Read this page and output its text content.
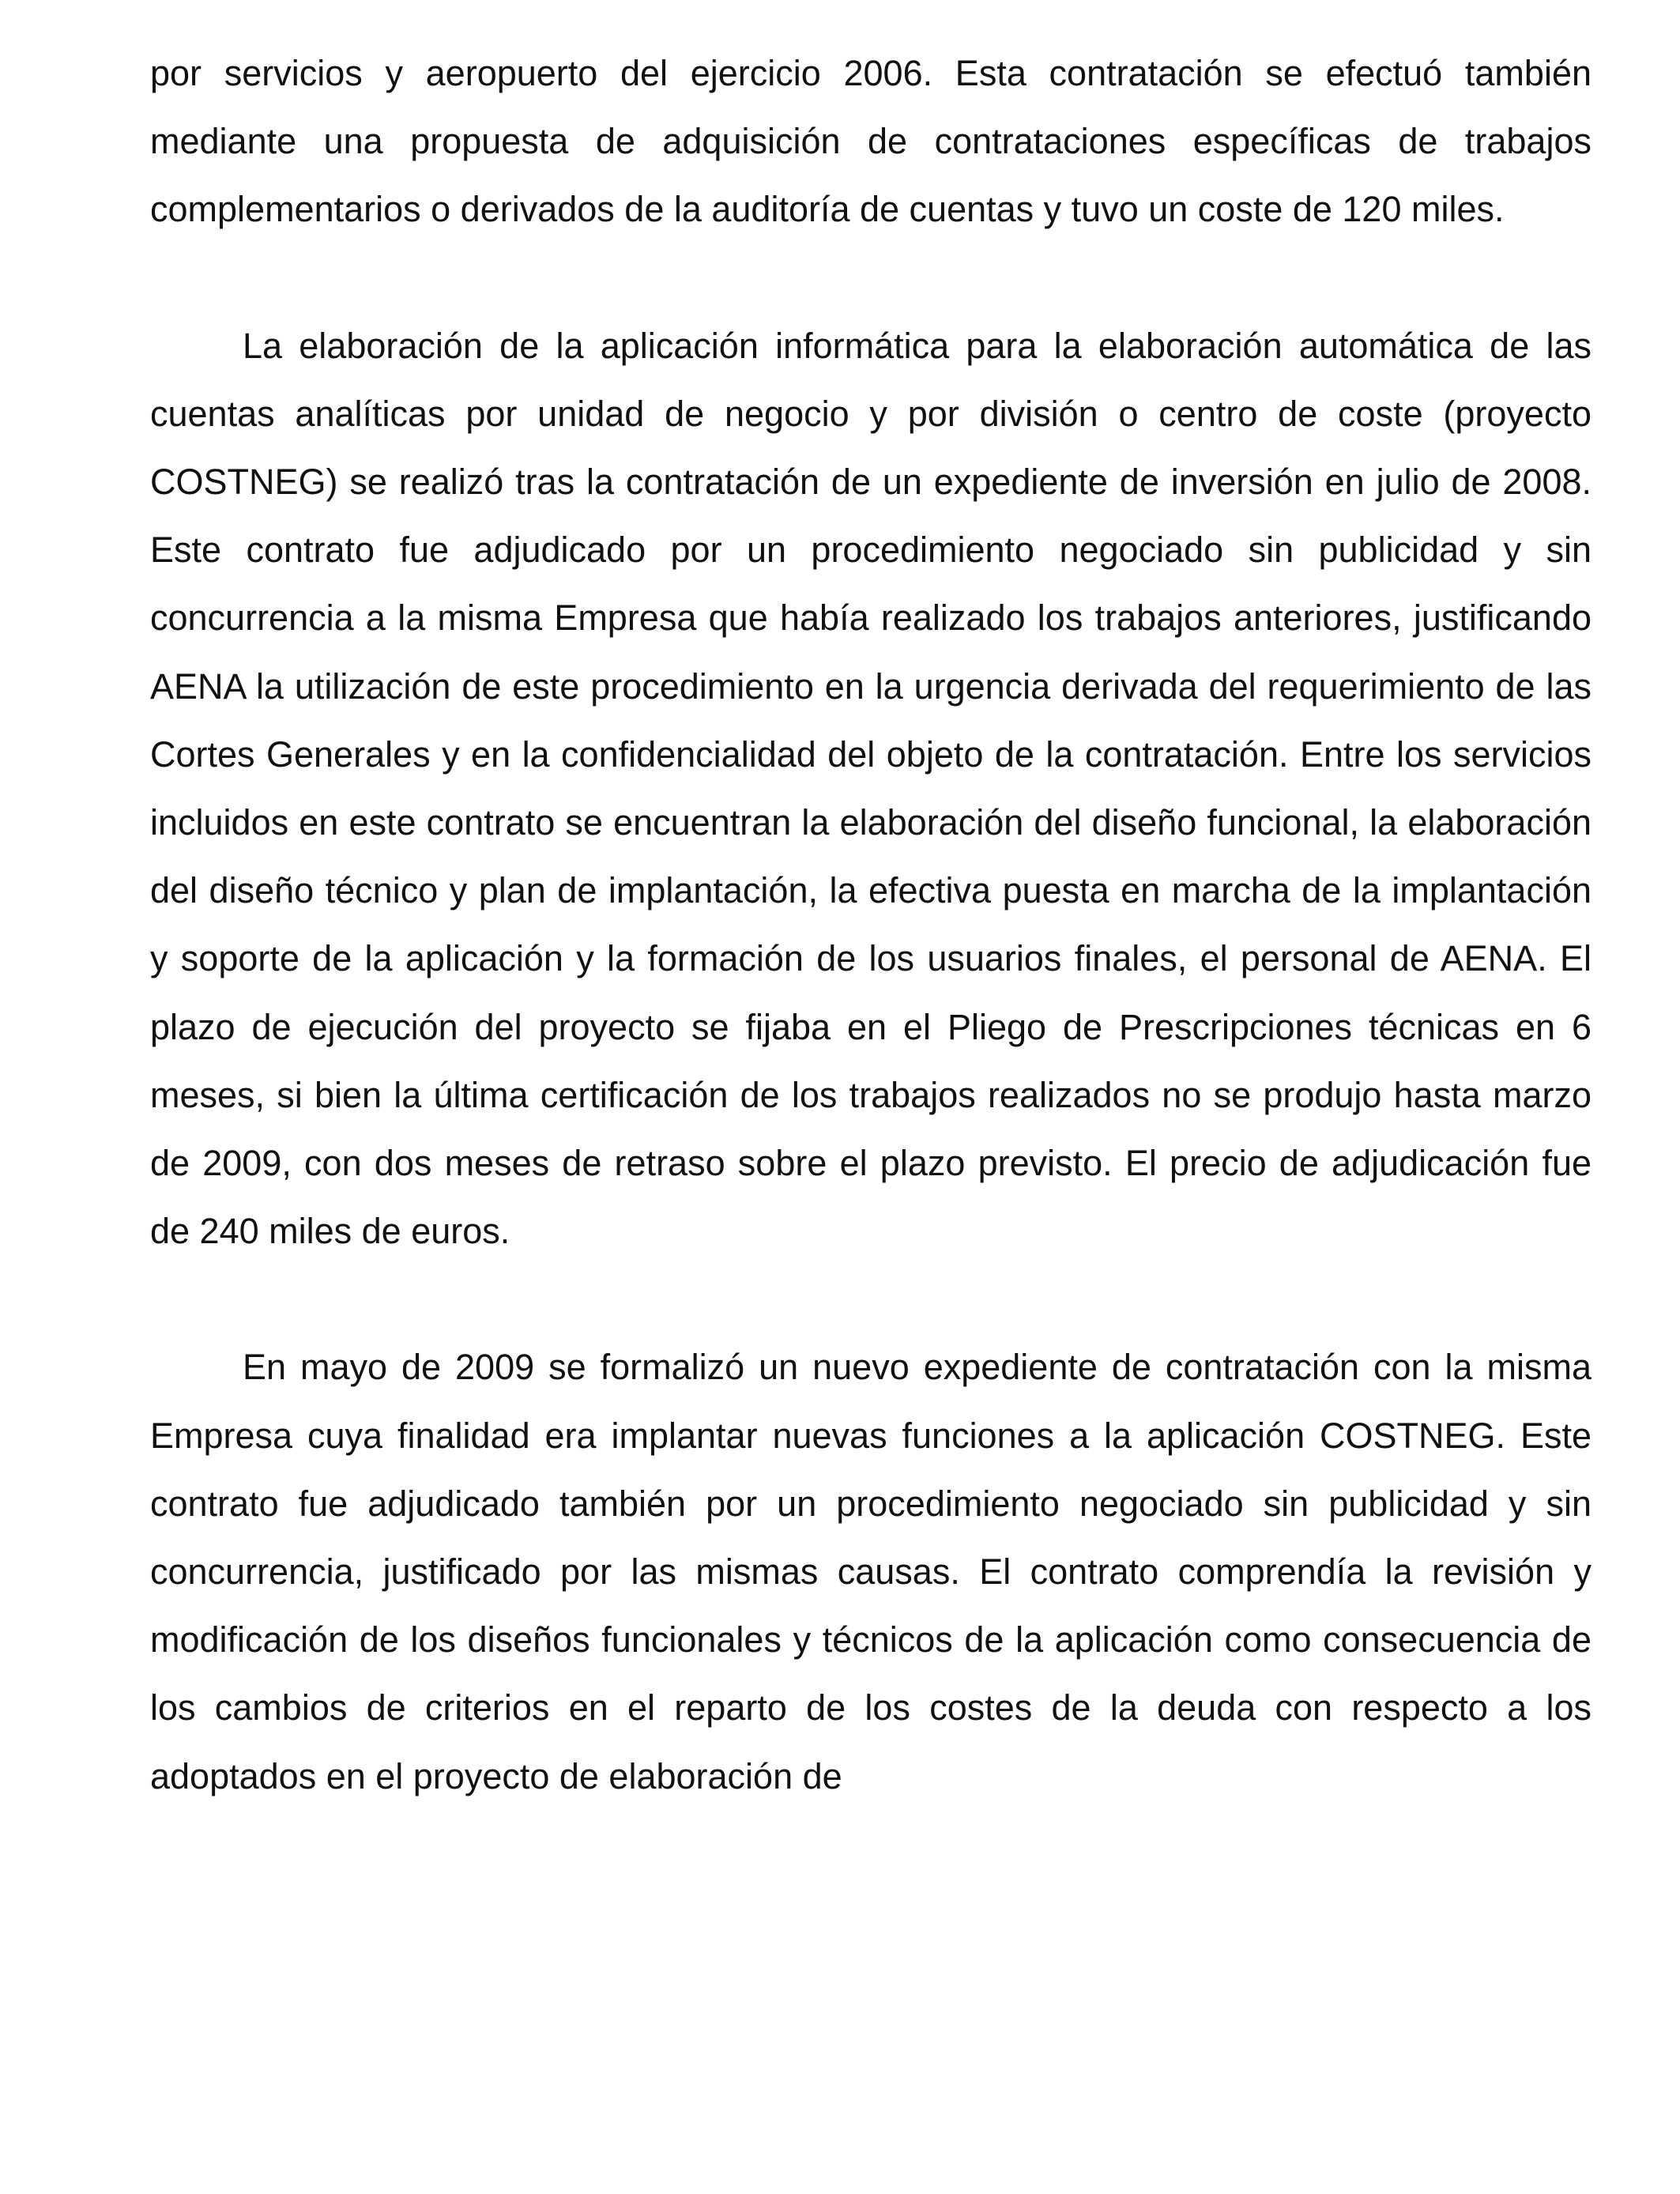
por servicios y aeropuerto del ejercicio 2006. Esta contratación se efectuó también mediante una propuesta de adquisición de contrataciones específicas de trabajos complementarios o derivados de la auditoría de cuentas y tuvo un coste de 120 miles.

La elaboración de la aplicación informática para la elaboración automática de las cuentas analíticas por unidad de negocio y por división o centro de coste (proyecto COSTNEG) se realizó tras la contratación de un expediente de inversión en julio de 2008. Este contrato fue adjudicado por un procedimiento negociado sin publicidad y sin concurrencia a la misma Empresa que había realizado los trabajos anteriores, justificando AENA la utilización de este procedimiento en la urgencia derivada del requerimiento de las Cortes Generales y en la confidencialidad del objeto de la contratación. Entre los servicios incluidos en este contrato se encuentran la elaboración del diseño funcional, la elaboración del diseño técnico y plan de implantación, la efectiva puesta en marcha de la implantación y soporte de la aplicación y la formación de los usuarios finales, el personal de AENA. El plazo de ejecución del proyecto se fijaba en el Pliego de Prescripciones técnicas en 6 meses, si bien la última certificación de los trabajos realizados no se produjo hasta marzo de 2009, con dos meses de retraso sobre el plazo previsto. El precio de adjudicación fue de 240 miles de euros.

En mayo de 2009 se formalizó un nuevo expediente de contratación con la misma Empresa cuya finalidad era implantar nuevas funciones a la aplicación COSTNEG. Este contrato fue adjudicado también por un procedimiento negociado sin publicidad y sin concurrencia, justificado por las mismas causas. El contrato comprendía la revisión y modificación de los diseños funcionales y técnicos de la aplicación como consecuencia de los cambios de criterios en el reparto de los costes de la deuda con respecto a los adoptados en el proyecto de elaboración de
